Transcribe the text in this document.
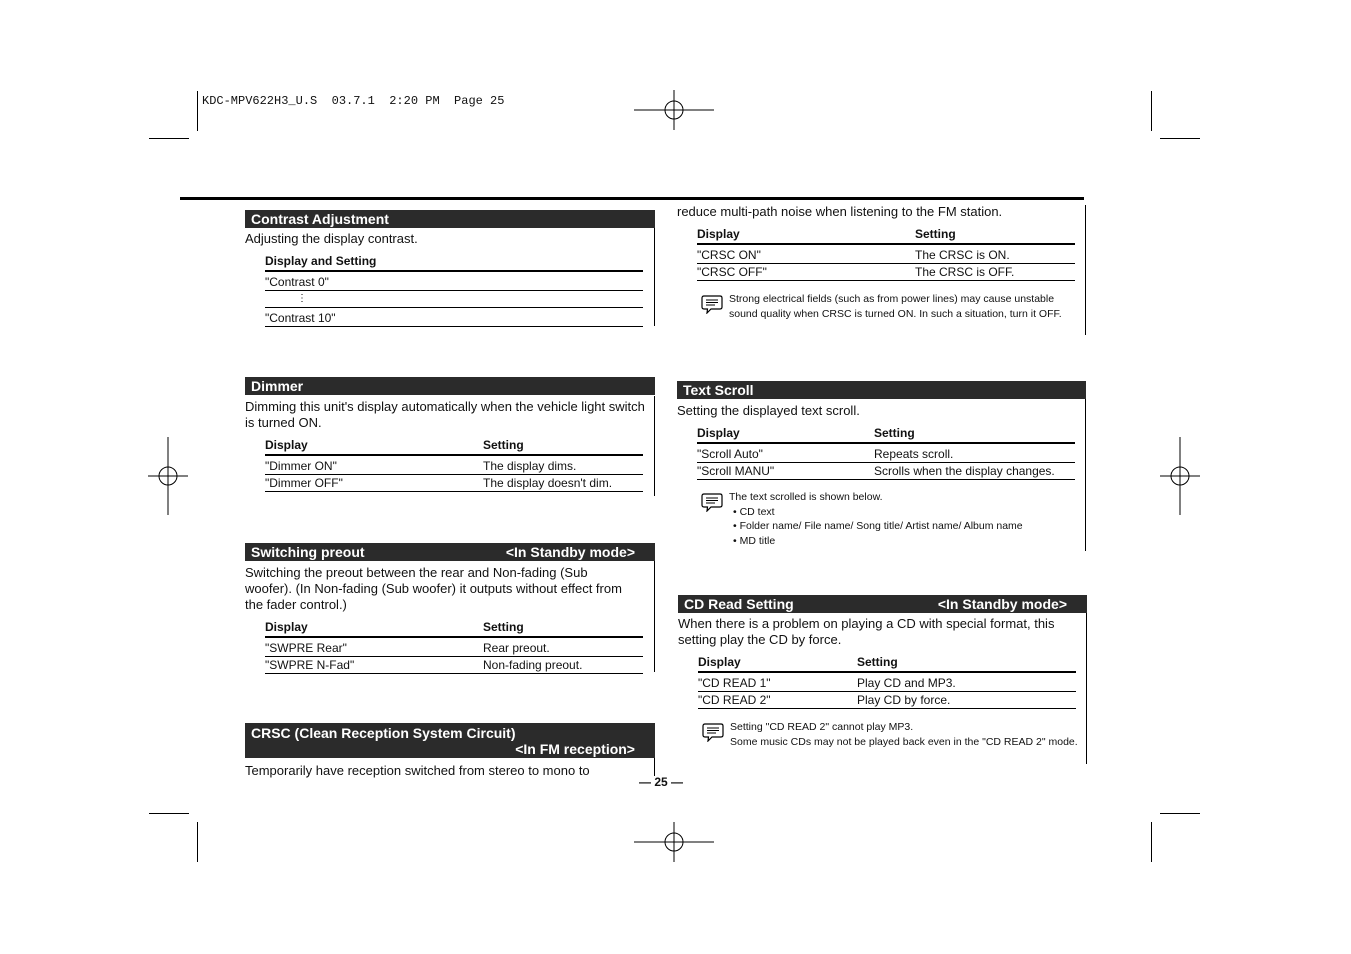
KDC-MPV622H3_U.S  03.7.1  2:20 PM  Page 25
Contrast Adjustment
Adjusting the display contrast.
Display and Setting
"Contrast 0"
⋮
"Contrast 10"
Dimmer
Dimming this unit's display automatically when the vehicle light switch is turned ON.
Display	Setting
"Dimmer ON"	The display dims.
"Dimmer OFF"	The display doesn't dim.
Switching preout	<In Standby mode>
Switching the preout between the rear and Non-fading (Sub woofer). (In Non-fading (Sub woofer) it outputs without effect from the fader control.)
Display	Setting
"SWPRE Rear"	Rear preout.
"SWPRE N-Fad"	Non-fading preout.
CRSC (Clean Reception System Circuit)
<In FM reception>
Temporarily have reception switched from stereo to mono to
— 25 —
reduce multi-path noise when listening to the FM station.
Display	Setting
"CRSC ON"	The CRSC is ON.
"CRSC OFF"	The CRSC is OFF.
Strong electrical fields (such as from power lines) may cause unstable sound quality when CRSC is turned ON. In such a situation, turn it OFF.
Text Scroll
Setting the displayed text scroll.
Display	Setting
"Scroll Auto"	Repeats scroll.
"Scroll MANU"	Scrolls when the display changes.
The text scrolled is shown below.
• CD text
• Folder name/ File name/ Song title/ Artist name/ Album name
• MD title
CD Read Setting	<In Standby mode>
When there is a problem on playing a CD with special format, this setting play the CD by force.
Display	Setting
"CD READ 1"	Play CD and MP3.
"CD READ 2"	Play CD by force.
Setting "CD READ 2" cannot play MP3.
Some music CDs may not be played back even in the "CD READ 2" mode.
